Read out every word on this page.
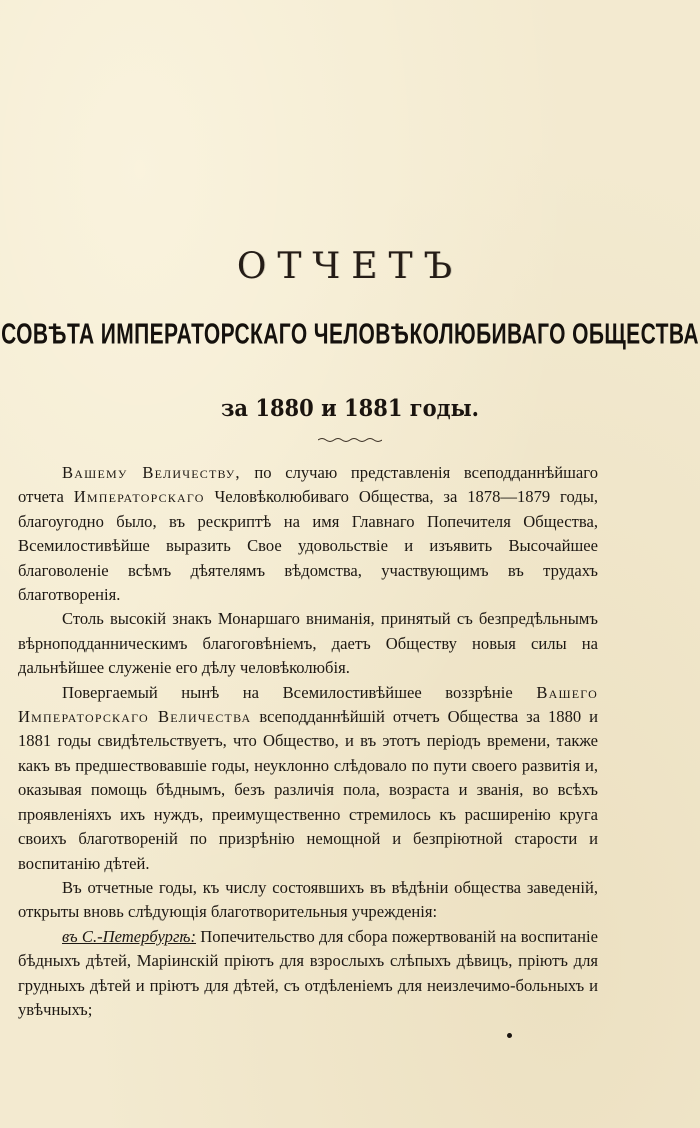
ОТЧЕТЪ
СОВѢТА ИМПЕРАТОРСКАГО ЧЕЛОВѢКОЛЮБИВАГО ОБЩЕСТВА
за 1880 и 1881 годы.

Вашему Величеству, по случаю представленія всеподданнѣйшаго отчета Императорскаго Человѣколюбиваго Общества, за 1878—1879 годы, благоугодно было, въ рескриптѣ на имя Главнаго Попечителя Общества, Всемилостивѣйше выразить Свое удовольствіе и изъявить Высочайшее благоволеніе всѣмъ дѣятелямъ вѣдомства, участвующимъ въ трудахъ благотворенія.

Столь высокій знакъ Монаршаго вниманія, принятый съ безпредѣльнымъ вѣрноподданническимъ благоговѣніемъ, даетъ Обществу новыя силы на дальнѣйшее служеніе его дѣлу человѣколюбія.

Повергаемый нынѣ на Всемилостивѣйшее воззрѣніе Вашего Императорскаго Величества всеподданнѣйшій отчетъ Общества за 1880 и 1881 годы свидѣтельствуетъ, что Общество, и въ этотъ періодъ времени, также какъ въ предшествовавшіе годы, неуклонно слѣдовало по пути своего развитія и, оказывая помощь бѣднымъ, безъ различія пола, возраста и званія, во всѣхъ проявленіяхъ ихъ нуждъ, преимущественно стремилось къ расширенію круга своихъ благотвореній по призрѣнію немощной и безпріютной старости и воспитанію дѣтей.

Въ отчетные годы, къ числу состоявшихъ въ вѣдѣніи общества заведеній, открыты вновь слѣдующія благотворительныя учрежденія:

въ С.-Петербургѣ: Попечительство для сбора пожертвованій на воспитаніе бѣдныхъ дѣтей, Маріинскій пріютъ для взрослыхъ слѣпыхъ дѣвицъ, пріютъ для грудныхъ дѣтей и пріютъ для дѣтей, съ отдѣленіемъ для неизлечимо-больныхъ и увѣчныхъ;
